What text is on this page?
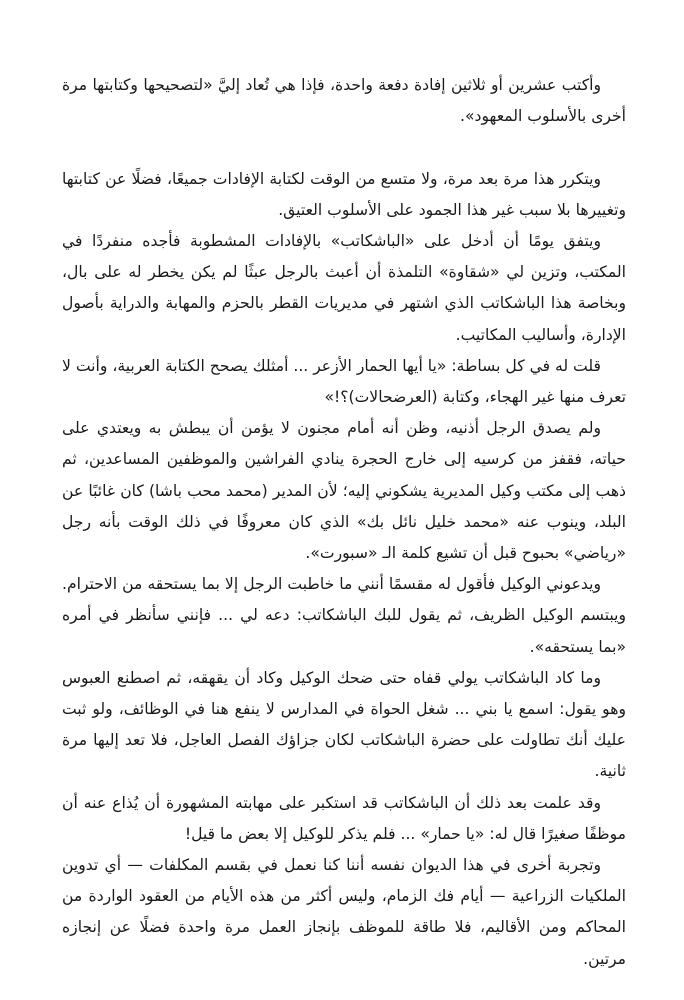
وأكتب عشرين أو ثلاثين إفادة دفعة واحدة، فإذا هي تُعاد إليَّ «لتصحيحها وكتابتها مرة أخرى بالأسلوب المعهود».

ويتكرر هذا مرة بعد مرة، ولا متسع من الوقت لكتابة الإفادات جميعًا، فضلًا عن كتابتها وتغييرها بلا سبب غير هذا الجمود على الأسلوب العتيق.

ويتفق يومًا أن أدخل على «الباشكاتب» بالإفادات المشطوبة فأجده منفردًا في المكتب، وتزين لي «شقاوة» التلمذة أن أعبث بالرجل عبثًا لم يكن يخطر له على بال، وبخاصة هذا الباشكاتب الذي اشتهر في مديريات القطر بالحزم والمهابة والدراية بأصول الإدارة، وأساليب المكاتيب.

قلت له في كل بساطة: «يا أيها الحمار الأزعر ... أمثلك يصحح الكتابة العربية، وأنت لا تعرف منها غير الهجاء، وكتابة (العرضحالات)؟!»

ولم يصدق الرجل أذنيه، وظن أنه أمام مجنون لا يؤمن أن يبطش به ويعتدي على حياته، فقفز من كرسيه إلى خارج الحجرة ينادي الفراشين والموظفين المساعدين، ثم ذهب إلى مكتب وكيل المديرية يشكوني إليه؛ لأن المدير (محمد محب باشا) كان غائبًا عن البلد، وينوب عنه «محمد خليل نائل بك» الذي كان معروفًا في ذلك الوقت بأنه رجل «رياضي» بحبوح قبل أن تشيع كلمة الـ «سبورت».

ويدعوني الوكيل فأقول له مقسمًا أنني ما خاطبت الرجل إلا بما يستحقه من الاحترام. ويبتسم الوكيل الظريف، ثم يقول للبك الباشكاتب: دعه لي ... فإنني سأنظر في أمره «بما يستحقه».

وما كاد الباشكاتب يولي قفاه حتى ضحك الوكيل وكاد أن يقهقه، ثم اصطنع العبوس وهو يقول: اسمع يا بني ... شغل الحواة في المدارس لا ينفع هنا في الوظائف، ولو ثبت عليك أنك تطاولت على حضرة الباشكاتب لكان جزاؤك الفصل العاجل، فلا تعد إليها مرة ثانية.

وقد علمت بعد ذلك أن الباشكاتب قد استكبر على مهابته المشهورة أن يُذاع عنه أن موظفًا صغيرًا قال له: «يا حمار» ... فلم يذكر للوكيل إلا بعض ما قيل!

وتجربة أخرى في هذا الديوان نفسه أننا كنا نعمل في بقسم المكلفات — أي تدوين الملكيات الزراعية — أيام فك الزمام، وليس أكثر من هذه الأيام من العقود الواردة من المحاكم ومن الأقاليم، فلا طاقة للموظف بإنجاز العمل مرة واحدة فضلًا عن إنجازه مرتين.
